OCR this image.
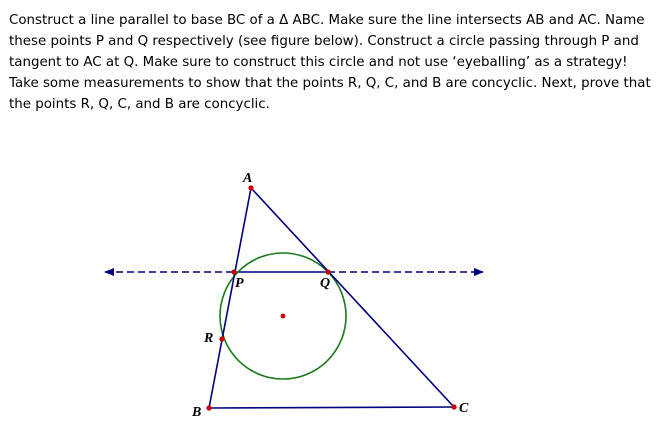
Construct a line parallel to base BC of a Δ ABC. Make sure the line intersects AB and AC. Name these points P and Q respectively (see figure below). Construct a circle passing through P and tangent to AC at Q. Make sure to construct this circle and not use ‘eyeballing’ as a strategy! Take some measurements to show that the points R, Q, C, and B are concyclic. Next, prove that the points R, Q, C, and B are concyclic.

A
B	C
P	Q
R
